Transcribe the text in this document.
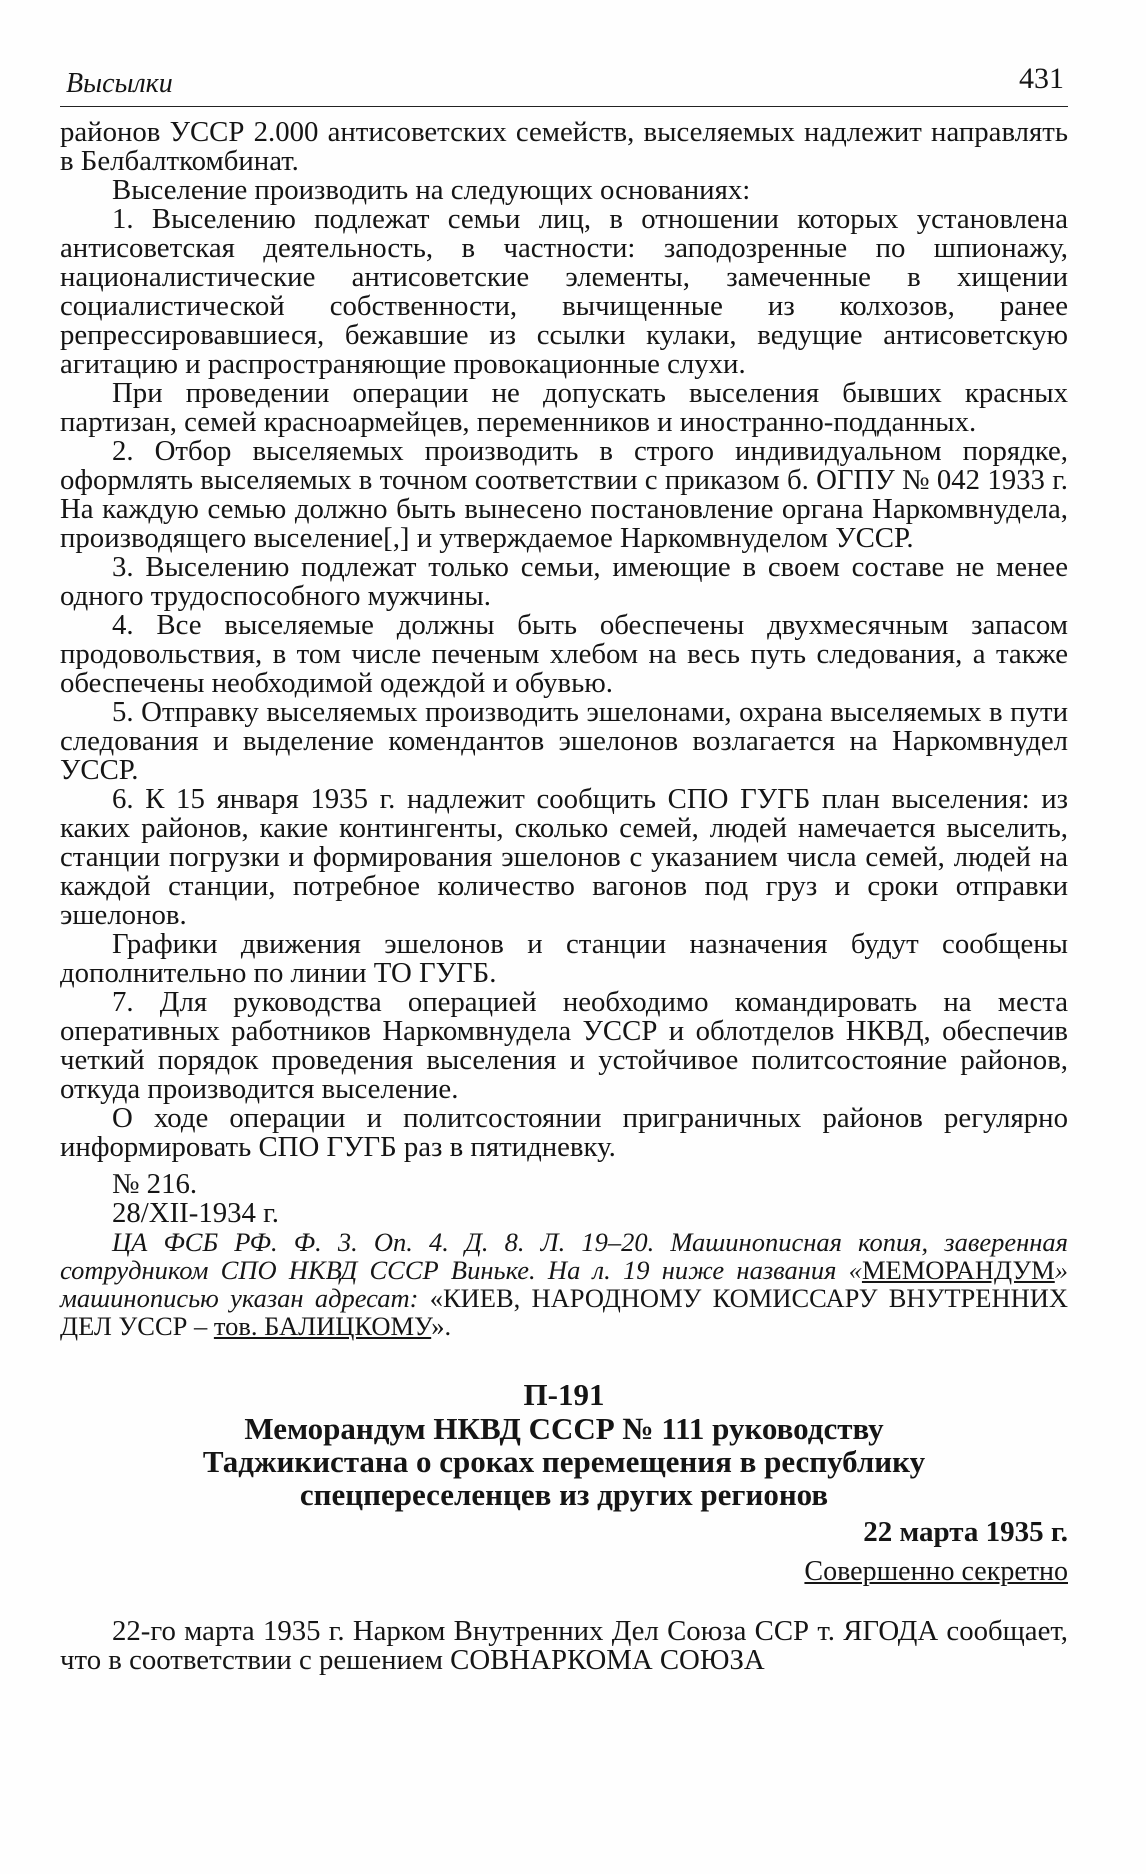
Высылки	431

районов УССР 2.000 антисоветских семейств, выселяемых надлежит направлять в Белбалткомбинат.

Выселение производить на следующих основаниях:

1. Выселению подлежат семьи лиц, в отношении которых установлена антисоветская деятельность, в частности: заподозренные по шпионажу, националистические антисоветские элементы, замеченные в хищении социалистической собственности, вычищенные из колхозов, ранее репрессировавшиеся, бежавшие из ссылки кулаки, ведущие антисоветскую агитацию и распространяющие провокационные слухи.

При проведении операции не допускать выселения бывших красных партизан, семей красноармейцев, переменников и иностранно-подданных.

2. Отбор выселяемых производить в строго индивидуальном порядке, оформлять выселяемых в точном соответствии с приказом б. ОГПУ № 042 1933 г. На каждую семью должно быть вынесено постановление органа Наркомвнудела, производящего выселение[,] и утверждаемое Наркомвнуделом УССР.

3. Выселению подлежат только семьи, имеющие в своем составе не менее одного трудоспособного мужчины.

4. Все выселяемые должны быть обеспечены двухмесячным запасом продовольствия, в том числе печеным хлебом на весь путь следования, а также обеспечены необходимой одеждой и обувью.

5. Отправку выселяемых производить эшелонами, охрана выселяемых в пути следования и выделение комендантов эшелонов возлагается на Наркомвнудел УССР.

6. К 15 января 1935 г. надлежит сообщить СПО ГУГБ план выселения: из каких районов, какие контингенты, сколько семей, людей намечается выселить, станции погрузки и формирования эшелонов с указанием числа семей, людей на каждой станции, потребное количество вагонов под груз и сроки отправки эшелонов.

Графики движения эшелонов и станции назначения будут сообщены дополнительно по линии ТО ГУГБ.

7. Для руководства операцией необходимо командировать на места оперативных работников Наркомвнудела УССР и облотделов НКВД, обеспечив четкий порядок проведения выселения и устойчивое политсостояние районов, откуда производится выселение.

О ходе операции и политсостоянии приграничных районов регулярно информировать СПО ГУГБ раз в пятидневку.

№ 216.
28/XII-1934 г.

ЦА ФСБ РФ. Ф. 3. Оп. 4. Д. 8. Л. 19–20. Машинописная копия, заверенная сотрудником СПО НКВД СССР Виньке. На л. 19 ниже названия «МЕМОРАНДУМ» машинописью указан адресат: «КИЕВ, НАРОДНОМУ КОМИССАРУ ВНУТРЕННИХ ДЕЛ УССР – тов. БАЛИЦКОМУ».

П-191
Меморандум НКВД СССР № 111 руководству
Таджикистана о сроках перемещения в республику
спецпереселенцев из других регионов
22 марта 1935 г.
Совершенно секретно

22-го марта 1935 г. Нарком Внутренних Дел Союза ССР т. ЯГОДА сообщает, что в соответствии с решением СОВНАРКОМА СОЮЗА
